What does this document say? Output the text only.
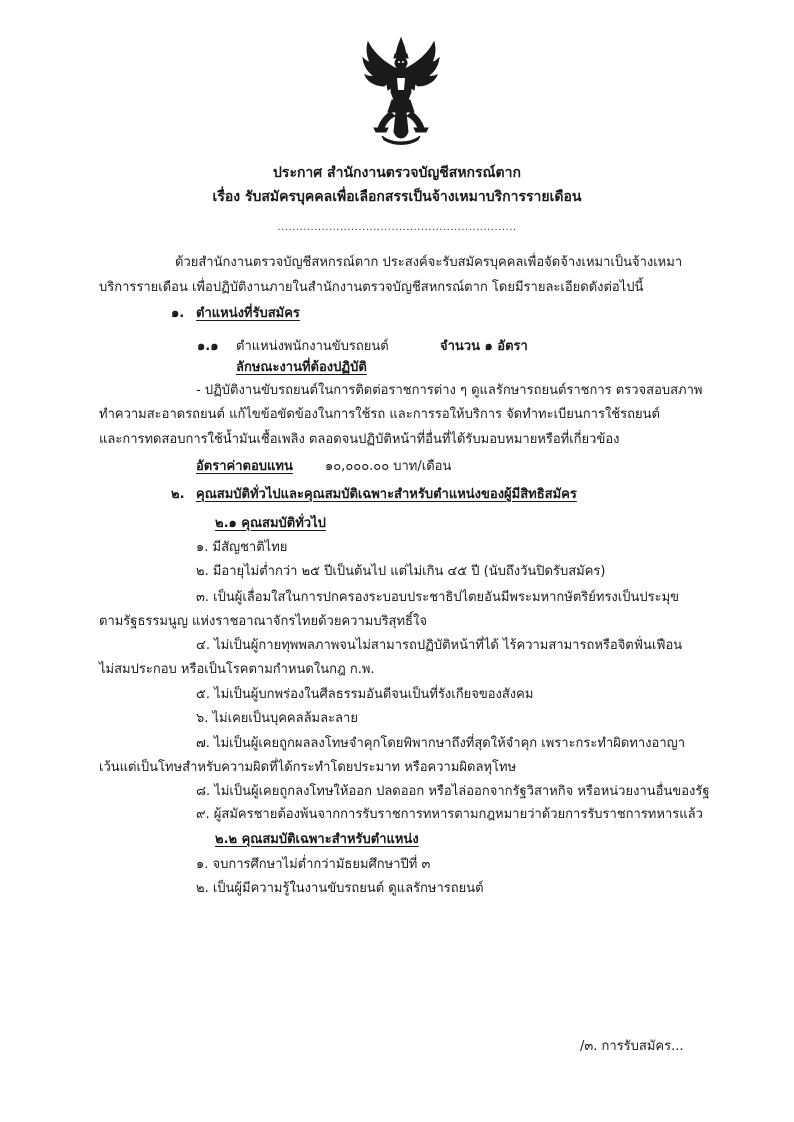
ประกาศ สำนักงานตรวจบัญชีสหกรณ์ตาก
เรื่อง รับสมัครบุคคลเพื่อเลือกสรรเป็นจ้างเหมาบริการรายเดือน
.................................................................
ด้วยสำนักงานตรวจบัญชีสหกรณ์ตาก ประสงค์จะรับสมัครบุคคลเพื่อจัดจ้างเหมาเป็นจ้างเหมา
บริการรายเดือน เพื่อปฏิบัติงานภายในสำนักงานตรวจบัญชีสหกรณ์ตาก โดยมีรายละเอียดดังต่อไปนี้
๑. ตำแหน่งที่รับสมัคร
๑.๑ ตำแหน่งพนักงานขับรถยนต์	จำนวน ๑ อัตรา
ลักษณะงานที่ต้องปฏิบัติ
- ปฏิบัติงานขับรถยนต์ในการติดต่อราชการต่าง ๆ ดูแลรักษารถยนต์ราชการ ตรวจสอบสภาพ
ทำความสะอาดรถยนต์ แก้ไขข้อขัดข้องในการใช้รถ และการรอให้บริการ จัดทำทะเบียนการใช้รถยนต์
และการทดสอบการใช้น้ำมันเชื้อเพลิง ตลอดจนปฏิบัติหน้าที่อื่นที่ได้รับมอบหมายหรือที่เกี่ยวข้อง
อัตราค่าตอบแทน ๑๐,๐๐๐.๐๐ บาท/เดือน
๒. คุณสมบัติทั่วไปและคุณสมบัติเฉพาะสำหรับตำแหน่งของผู้มีสิทธิสมัคร
๒.๑ คุณสมบัติทั่วไป
๑. มีสัญชาติไทย
๒. มีอายุไม่ต่ำกว่า ๒๕ ปีเป็นต้นไป แต่ไม่เกิน ๔๕ ปี (นับถึงวันปิดรับสมัคร)
๓. เป็นผู้เลื่อมใสในการปกครองระบอบประชาธิปไตยอันมีพระมหากษัตริย์ทรงเป็นประมุข
ตามรัฐธรรมนูญ แห่งราชอาณาจักรไทยด้วยความบริสุทธิ์ใจ
๔. ไม่เป็นผู้กายทุพพลภาพจนไม่สามารถปฏิบัติหน้าที่ได้ ไร้ความสามารถหรือจิตฟั่นเฟือน
ไม่สมประกอบ หรือเป็นโรคตามกำหนดในกฎ ก.พ.
๕. ไม่เป็นผู้บกพร่องในศีลธรรมอันดีจนเป็นที่รังเกียจของสังคม
๖. ไม่เคยเป็นบุคคลล้มละลาย
๗. ไม่เป็นผู้เคยถูกผลลงโทษจำคุกโดยพิพากษาถึงที่สุดให้จำคุก เพราะกระทำผิดทางอาญา
เว้นแต่เป็นโทษสำหรับความผิดที่ได้กระทำโดยประมาท หรือความผิดลหุโทษ
๘. ไม่เป็นผู้เคยถูกลงโทษให้ออก ปลดออก หรือไล่ออกจากรัฐวิสาหกิจ หรือหน่วยงานอื่นของรัฐ
๙. ผู้สมัครชายต้องพ้นจากการรับราชการทหารตามกฎหมายว่าด้วยการรับราชการทหารแล้ว
๒.๒ คุณสมบัติเฉพาะสำหรับตำแหน่ง
๑. จบการศึกษาไม่ต่ำกว่ามัธยมศึกษาปีที่ ๓
๒. เป็นผู้มีความรู้ในงานขับรถยนต์ ดูแลรักษารถยนต์
/๓. การรับสมัคร...
